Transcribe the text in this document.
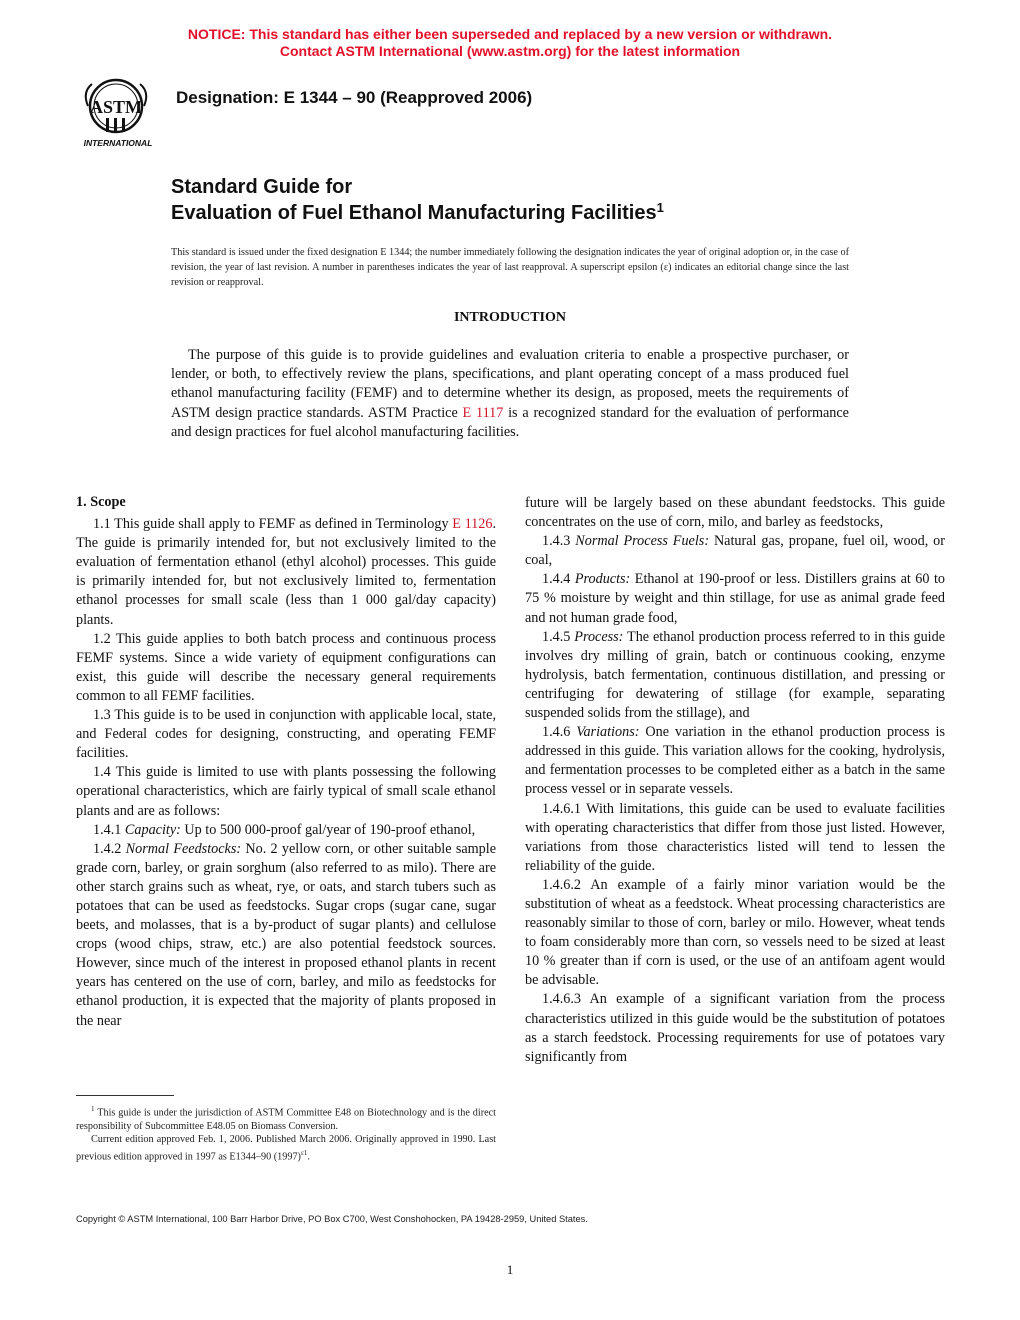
NOTICE: This standard has either been superseded and replaced by a new version or withdrawn.
Contact ASTM International (www.astm.org) for the latest information
ASTM
INTERNATIONAL
Designation: E 1344 – 90 (Reapproved 2006)
Standard Guide for
Evaluation of Fuel Ethanol Manufacturing Facilities$^1$
This standard is issued under the fixed designation E 1344; the number immediately following the designation indicates the year of original adoption or, in the case of revision, the year of last revision. A number in parentheses indicates the year of last reapproval. A superscript epsilon (ε) indicates an editorial change since the last revision or reapproval.
INTRODUCTION

The purpose of this guide is to provide guidelines and evaluation criteria to enable a prospective purchaser, or lender, or both, to effectively review the plans, specifications, and plant operating concept of a mass produced fuel ethanol manufacturing facility (FEMF) and to determine whether its design, as proposed, meets the requirements of ASTM design practice standards. ASTM Practice E 1117 is a recognized standard for the evaluation of performance and design practices for fuel alcohol manufacturing facilities.

1. Scope

1.1 This guide shall apply to FEMF as defined in Terminology E 1126. The guide is primarily intended for, but not exclusively limited to the evaluation of fermentation ethanol (ethyl alcohol) processes. This guide is primarily intended for, but not exclusively limited to, fermentation ethanol processes for small scale (less than 1 000 gal/day capacity) plants.

1.2 This guide applies to both batch process and continuous process FEMF systems. Since a wide variety of equipment configurations can exist, this guide will describe the necessary general requirements common to all FEMF facilities.

1.3 This guide is to be used in conjunction with applicable local, state, and Federal codes for designing, constructing, and operating FEMF facilities.

1.4 This guide is limited to use with plants possessing the following operational characteristics, which are fairly typical of small scale ethanol plants and are as follows:

1.4.1 Capacity: Up to 500 000-proof gal/year of 190-proof ethanol,

1.4.2 Normal Feedstocks: No. 2 yellow corn, or other suitable sample grade corn, barley, or grain sorghum (also referred to as milo). There are other starch grains such as wheat, rye, or oats, and starch tubers such as potatoes that can be used as feedstocks. Sugar crops (sugar cane, sugar beets, and molasses, that is a by-product of sugar plants) and cellulose crops (wood chips, straw, etc.) are also potential feedstock sources. However, since much of the interest in proposed ethanol plants in recent years has centered on the use of corn, barley, and milo as feedstocks for ethanol production, it is expected that the majority of plants proposed in the near

future will be largely based on these abundant feedstocks. This guide concentrates on the use of corn, milo, and barley as feedstocks,

1.4.3 Normal Process Fuels: Natural gas, propane, fuel oil, wood, or coal,

1.4.4 Products: Ethanol at 190-proof or less. Distillers grains at 60 to 75 % moisture by weight and thin stillage, for use as animal grade feed and not human grade food,

1.4.5 Process: The ethanol production process referred to in this guide involves dry milling of grain, batch or continuous cooking, enzyme hydrolysis, batch fermentation, continuous distillation, and pressing or centrifuging for dewatering of stillage (for example, separating suspended solids from the stillage), and

1.4.6 Variations: One variation in the ethanol production process is addressed in this guide. This variation allows for the cooking, hydrolysis, and fermentation processes to be completed either as a batch in the same process vessel or in separate vessels.

1.4.6.1 With limitations, this guide can be used to evaluate facilities with operating characteristics that differ from those just listed. However, variations from those characteristics listed will tend to lessen the reliability of the guide.

1.4.6.2 An example of a fairly minor variation would be the substitution of wheat as a feedstock. Wheat processing characteristics are reasonably similar to those of corn, barley or milo. However, wheat tends to foam considerably more than corn, so vessels need to be sized at least 10 % greater than if corn is used, or the use of an antifoam agent would be advisable.

1.4.6.3 An example of a significant variation from the process characteristics utilized in this guide would be the substitution of potatoes as a starch feedstock. Processing requirements for use of potatoes vary significantly from

$^1$ This guide is under the jurisdiction of ASTM Committee E48 on Biotechnology and is the direct responsibility of Subcommittee E48.05 on Biomass Conversion.

Current edition approved Feb. 1, 2006. Published March 2006. Originally approved in 1990. Last previous edition approved in 1997 as E1344–90 $(1997)^{\varepsilon 1}$.

Copyright © ASTM International, 100 Barr Harbor Drive, PO Box C700, West Conshohocken, PA 19428-2959, United States.
1
